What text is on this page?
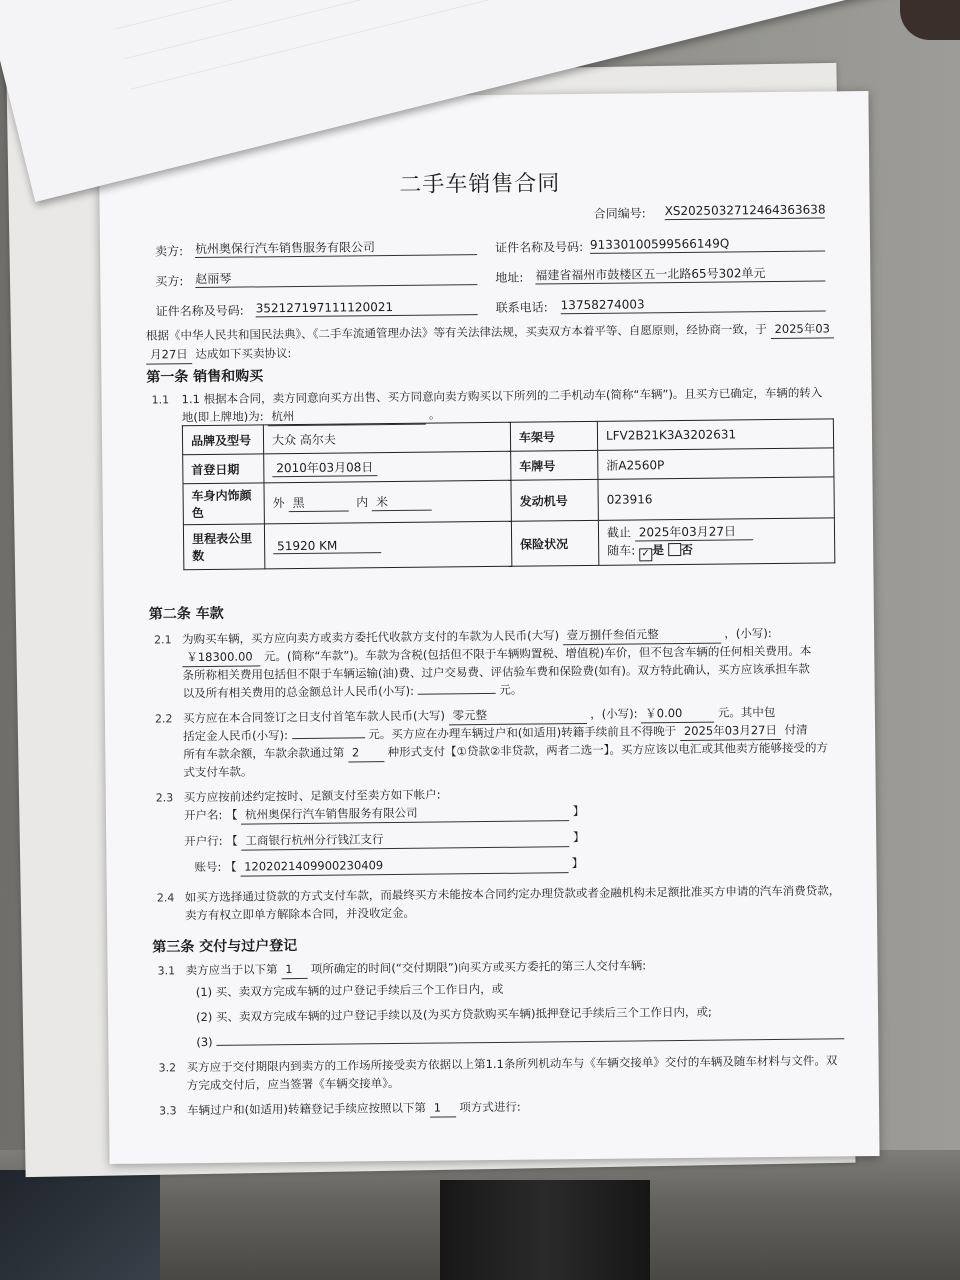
二手车销售合同
合同编号: XS2025032712464363638
卖方: 杭州奥保行汽车销售服务有限公司	证件名称及号码: 91330100599566149Q
买方: 赵丽琴	地址: 福建省福州市鼓楼区五一北路65号302单元
证件名称及号码: 352127197111120021	联系电话: 13758274003
根据《中华人民共和国民法典》、《二手车流通管理办法》等有关法律法规，买卖双方本着平等、自愿原则，经协商一致，于 2025年03
月27日 达成如下买卖协议:
第一条 销售和购买
1.1 1.1 根据本合同，卖方同意向买方出售、买方同意向卖方购买以下所列的二手机动车(简称“车辆”)。且买方已确定，车辆的转入
地(即上牌地)为: 杭州	。
品牌及型号	大众 高尔夫	车架号	LFV2B21K3A3202631
首登日期	2010年03月08日	车牌号	浙A2560P
车身内饰颜色	外 黑 内 米	发动机号	023916
里程表公里数	51920 KM	保险状况	截止 2025年03月27日
随车: ✓ 是 否
第二条 车款
2.1 为购买车辆，买方应向卖方或卖方委托代收款方支付的车款为人民币(大写) 壹万捌仟叁佰元整	，(小写):
￥18300.00 元。(简称“车款”)。车款为含税(包括但不限于车辆购置税、增值税)车价，但不包含车辆的任何相关费用。本
条所称相关费用包括但不限于车辆运输(油)费、过户交易费、评估验车费和保险费(如有)。双方特此确认，买方应该承担车款
以及所有相关费用的总金额总计人民币(小写):	元。
2.2 买方应在本合同签订之日支付首笔车款人民币(大写) 零元整	，(小写): ￥0.00	元。其中包
括定金人民币(小写):	元。买方应在办理车辆过户和(如适用)转籍手续前且不得晚于 2025年03月27日 付清
所有车款余额，车款余款通过第 2 种形式支付【①贷款②非贷款，两者二选一】。买方应该以电汇或其他卖方能够接受的方
式支付车款。
2.3 买方应按前述约定按时、足额支付至卖方如下帐户:
开户名: 【 杭州奥保行汽车销售服务有限公司	】
开户行: 【 工商银行杭州分行钱江支行	】
账号: 【 1202021409900230409	】
2.4 如买方选择通过贷款的方式支付车款，而最终买方未能按本合同约定办理贷款或者金融机构未足额批准买方申请的汽车消费贷款，
卖方有权立即单方解除本合同，并没收定金。
第三条 交付与过户登记
3.1 卖方应当于以下第 1 项所确定的时间(“交付期限”)向买方或买方委托的第三人交付车辆:
(1) 买、卖双方完成车辆的过户登记手续后三个工作日内，或
(2) 买、卖双方完成车辆的过户登记手续以及(为买方贷款购买车辆)抵押登记手续后三个工作日内，或;
(3)
3.2 买方应于交付期限内到卖方的工作场所接受卖方依据以上第1.1条所列机动车与《车辆交接单》交付的车辆及随车材料与文件。双
方完成交付后，应当签署《车辆交接单》。
3.3 车辆过户和(如适用)转籍登记手续应按照以下第 1 项方式进行:
